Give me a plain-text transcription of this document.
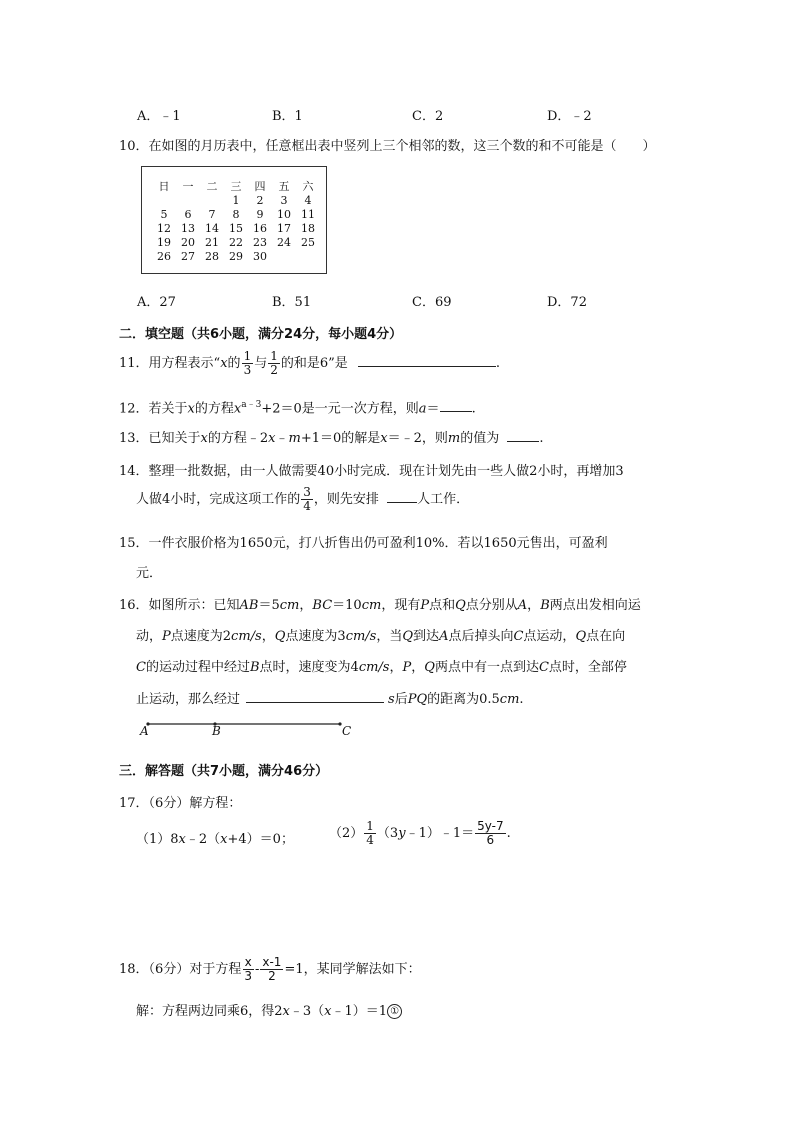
A．﹣1	B．1	C．2	D．﹣2
10．在如图的月历表中，任意框出表中竖列上三个相邻的数，这三个数的和不可能是（　　）
日	一	二	三	四	五	六
			1	2	3	4
5	6	7	8	9	10	11
12	13	14	15	16	17	18
19	20	21	22	23	24	25
26	27	28	29	30		
A．27	B．51	C．69	D．72
二．填空题（共6小题，满分24分，每小题4分）
11．用方程表示“x的 $\frac{1}{3}$ 与 $\frac{1}{2}$ 的和是6”是	.
12．若关于x的方程$x^{a﹣3}+2=0$是一元一次方程，则a＝ .
13．已知关于x的方程﹣2x﹣m+1＝0的解是x＝﹣2，则m的值为	.
14．整理一批数据，由一人做需要40小时完成．现在计划先由一些人做2小时，再增加3
人做4小时，完成这项工作的 $\frac{3}{4}$ ，则先安排	人工作．
15．一件衣服价格为1650元，打八折售出仍可盈利10%．若以1650元售出，可盈利
元．
16．如图所示：已知AB＝5cm，BC＝10cm，现有P点和Q点分别从A，B两点出发相向运
动，P点速度为2cm/s，Q点速度为3cm/s，当Q到达A点后掉头向C点运动，Q点在向
C的运动过程中经过B点时，速度变为4cm/s，P，Q两点中有一点到达C点时，全部停
止运动，那么经过	s后PQ的距离为0.5cm.
A	B	C
三．解答题（共7小题，满分46分）
17．（6分）解方程：
（1）8x﹣2（x+4）＝0；	$(2) \frac{1}{4}$ （3y﹣1）﹣1＝ $\frac{5y-7}{6}$ .
18．（6分）对于方程 $\frac{x}{3} - \frac{x-1}{2} =1$，某同学解法如下：
解：方程两边同乘6，得2x﹣3（x﹣1）＝1 ①
